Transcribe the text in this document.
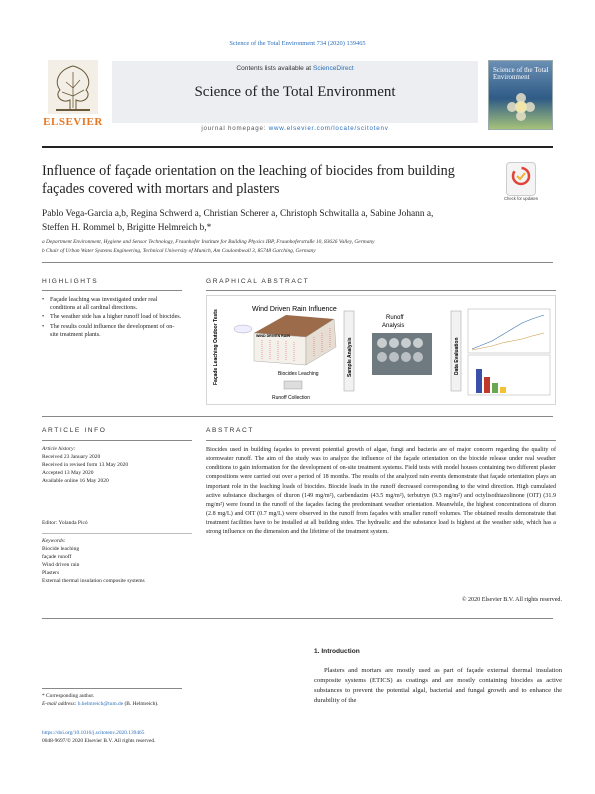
Science of the Total Environment 734 (2020) 139465
ELSEVIER
Contents lists available at ScienceDirect
Science of the Total Environment
journal homepage: www.elsevier.com/locate/scitotenv
Science of the Total Environment
Influence of façade orientation on the leaching of biocides from building façades covered with mortars and plasters
Check for updates
Pablo Vega-Garcia a,b, Regina Schwerd a, Christian Scherer a, Christoph Schwitalla a, Sabine Johann a,
Steffen H. Rommel b, Brigitte Helmreich b,*
a Department Environment, Hygiene and Sensor Technology, Fraunhofer Institute for Building Physics IBP, Fraunhoferstraße 10, 83626 Valley, Germany
b Chair of Urban Water Systems Engineering, Technical University of Munich, Am Coulombwall 3, 85748 Garching, Germany
HIGHLIGHTS
• Façade leaching was investigated under real conditions at all cardinal directions.
• The weather side has a higher runoff load of biocides.
• The results could influence the development of on-site treatment plants.
GRAPHICAL ABSTRACT
Façade Leaching Outdoor Tests	Wind Driven Rain Influence
WIND DRIVEN RAIN
Biocides Leaching
Runoff Collection
Sample Analysis
Runoff
Analysis
Data Evaluation
ARTICLE INFO
Article history:
Received 23 January 2020
Received in revised form 13 May 2020
Accepted 13 May 2020
Available online 16 May 2020
Editor: Yolanda Picó
Keywords:
Biocide leaching
façade runoff
Wind driven rain
Plasters
External thermal insulation composite systems
ABSTRACT
Biocides used in building façades to prevent potential growth of algae, fungi and bacteria are of major concern regarding the quality of stormwater runoff. The aim of the study was to analyze the influence of the façade orientation on the biocide release under real weather conditions to gain information for the development of on-site treatment systems. Field tests with model houses containing two different plaster compositions were carried out over a period of 18 months. The results of the analyzed rain events demonstrate that façade orientation plays an important role in the leaching loads of biocides. Biocide loads in the runoff decreased corresponding to the wind direction. High cumulated active substance discharges of diuron (149 mg/m²), carbendazim (43.5 mg/m²), terbutryn (9.3 mg/m²) and octylisothiazolinone (OIT) (31.9 mg/m²) were found in the runoff of the façades facing the predominant weather orientation. Meanwhile, the highest concentrations of diuron (2.8 mg/L) and OIT (0.7 mg/L) were observed in the runoff from façades with smaller runoff volumes. The obtained results demonstrate that treatment facilities have to be installed at all building sides. The hydraulic and the substance load is highest at the weather side, which has a strong influence on the dimension and the lifetime of the treatment system.
© 2020 Elsevier B.V. All rights reserved.
1. Introduction
Plasters and mortars are mostly used as part of façade external thermal insulation composite systems (ETICS) as coatings and are mostly containing biocides as active substances to prevent the potential algal, bacterial and fungal growth and to enhance the durability of the
* Corresponding author.
E-mail address: b.helmreich@tum.de (B. Helmreich).
https://doi.org/10.1016/j.scitotenv.2020.139465
0048-9697/© 2020 Elsevier B.V. All rights reserved.
